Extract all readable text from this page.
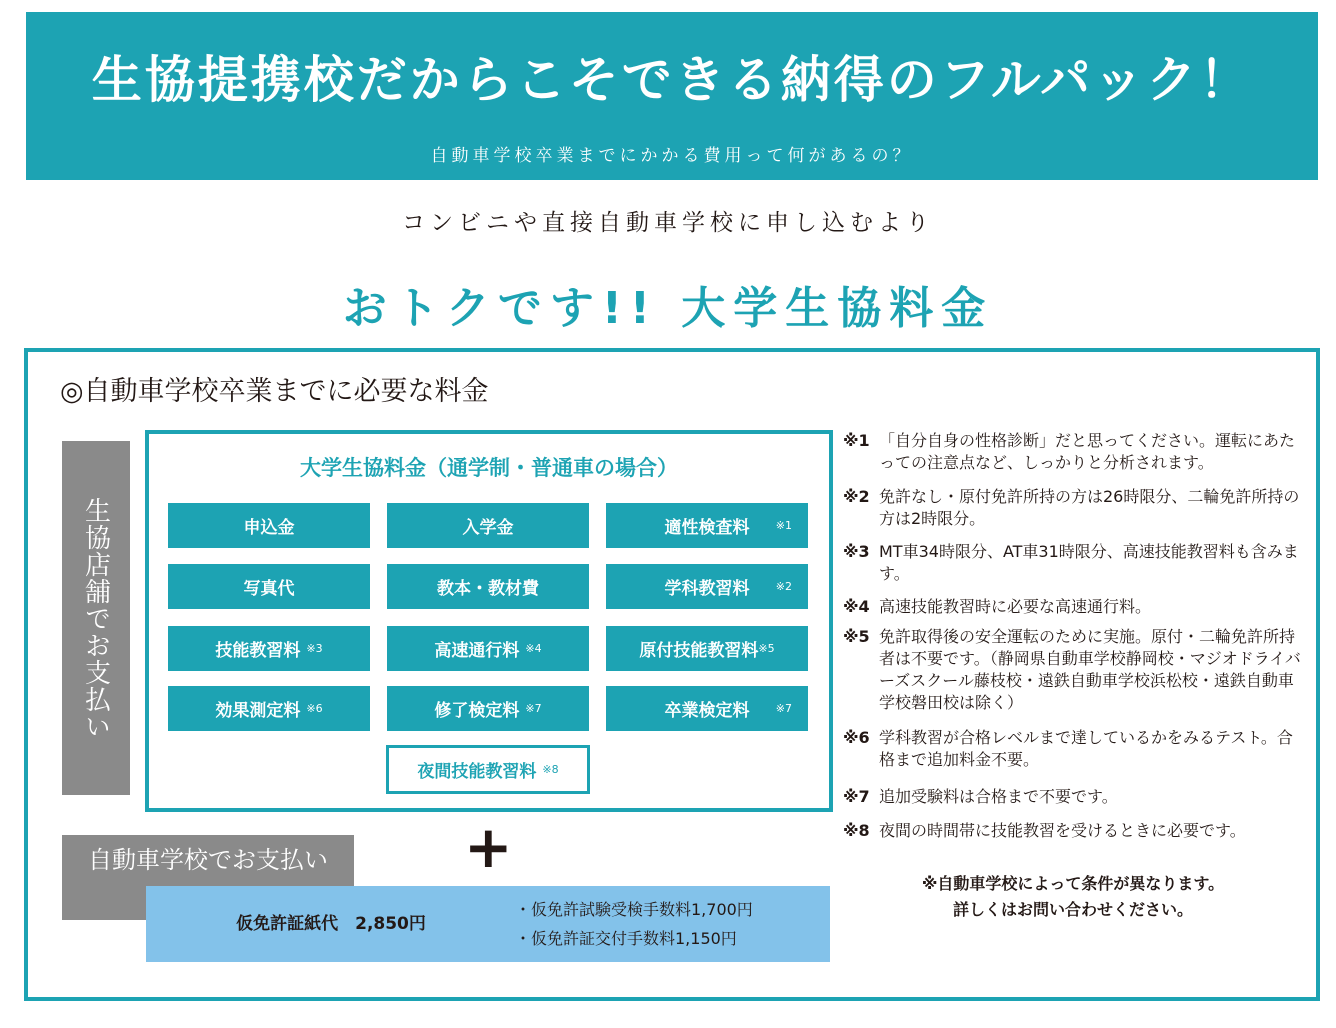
生協提携校だからこそできる納得のフルパック！
自動車学校卒業までにかかる費用って何があるの？
コンビニや直接自動車学校に申し込むより
おトクです!! 大学生協料金
◎自動車学校卒業までに必要な料金
生協店舗でお支払い
大学生協料金（通学制・普通車の場合）
申込金	入学金	適性検査料 ※1
写真代	教本・教材費	学科教習料 ※2
技能教習料 ※3	高速通行料 ※4	原付技能教習料 ※5
効果測定料 ※6	修了検定料 ※7	卒業検定料 ※7
夜間技能教習料 ※8
+
自動車学校でお支払い
仮免許証紙代　2,850円
・仮免許試験受検手数料1,700円
・仮免許証交付手数料1,150円
※1 「自分自身の性格診断」だと思ってください。運転にあたっての注意点など、しっかりと分析されます。
※2 免許なし・原付免許所持の方は26時限分、二輪免許所持の方は2時限分。
※3 MT車34時限分、AT車31時限分、高速技能教習料も含みます。
※4 高速技能教習時に必要な高速通行料。
※5 免許取得後の安全運転のために実施。原付・二輪免許所持者は不要です。（静岡県自動車学校静岡校・マジオドライバーズスクール藤枝校・遠鉄自動車学校浜松校・遠鉄自動車学校磐田校は除く）
※6 学科教習が合格レベルまで達しているかをみるテスト。合格まで追加料金不要。
※7 追加受験料は合格まで不要です。
※8 夜間の時間帯に技能教習を受けるときに必要です。
※自動車学校によって条件が異なります。
詳しくはお問い合わせください。
